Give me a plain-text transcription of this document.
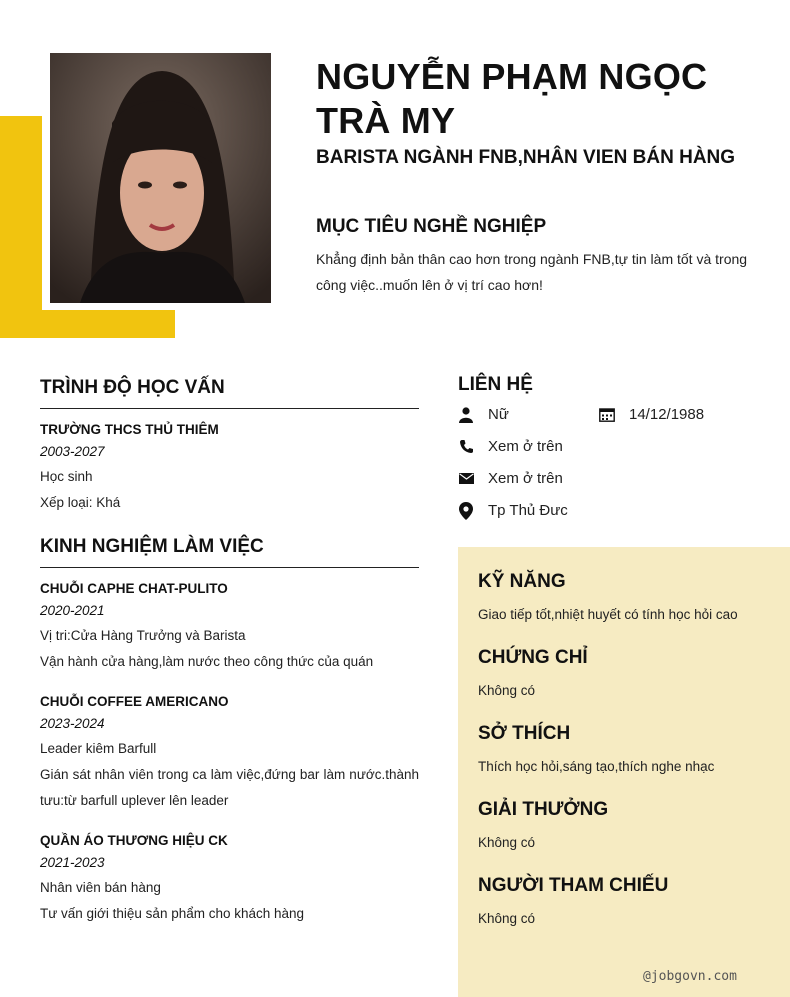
NGUYỄN PHẠM NGỌC TRÀ MY
BARISTA NGÀNH FNB,NHÂN VIEN BÁN HÀNG
MỤC TIÊU NGHỀ NGHIỆP
Khẳng định bản thân cao hơn trong ngành FNB,tự tin làm tốt và trong công việc..muốn lên ở vị trí cao hơn!
TRÌNH ĐỘ HỌC VẤN
TRƯỜNG THCS THỦ THIÊM
2003-2027
Học sinh
Xếp loại: Khá
KINH NGHIỆM LÀM VIỆC
CHUỖI CAPHE CHAT-PULITO
2020-2021
Vị tri:Cửa Hàng Trưởng và Barista
Vận hành cửa hàng,làm nước theo công thức của quán
CHUỖI COFFEE AMERICANO
2023-2024
Leader kiêm Barfull
Gián sát nhân viên trong ca làm việc,đứng bar làm nước.thành tưu:từ barfull uplever lên leader
QUẦN ÁO THƯƠNG HIỆU CK
2021-2023
Nhân viên bán hàng
Tư vấn giới thiệu sản phẩm cho khách hàng
LIÊN HỆ
Nữ	14/12/1988
Xem ở trên
Xem ở trên
Tp Thủ Đưc
KỸ NĂNG
Giao tiếp tốt,nhiệt huyết có tính học hỏi cao
CHỨNG CHỈ
Không có
SỞ THÍCH
Thích học hỏi,sáng tạo,thích nghe nhạc
GIẢI THƯỞNG
Không có
NGƯỜI THAM CHIẾU
Không có
@jobgovn.com
